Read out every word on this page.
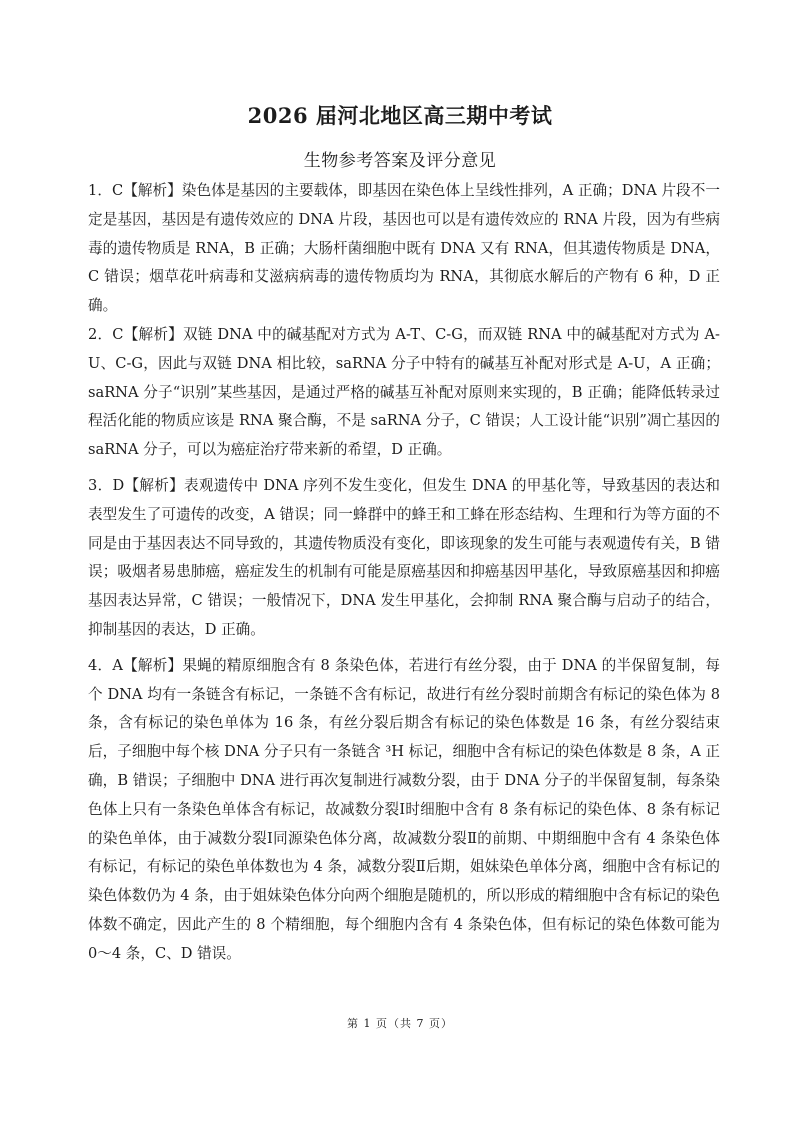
2026 届河北地区高三期中考试
生物参考答案及评分意见

1．C【解析】染色体是基因的主要载体，即基因在染色体上呈线性排列，A 正确；DNA 片段不一定是基因，基因是有遗传效应的 DNA 片段，基因也可以是有遗传效应的 RNA 片段，因为有些病毒的遗传物质是 RNA，B 正确；大肠杆菌细胞中既有 DNA 又有 RNA，但其遗传物质是 DNA，C 错误；烟草花叶病毒和艾滋病病毒的遗传物质均为 RNA，其彻底水解后的产物有 6 种，D 正确。

2．C【解析】双链 DNA 中的碱基配对方式为 A-T、C-G，而双链 RNA 中的碱基配对方式为 A-U、C-G，因此与双链 DNA 相比较，saRNA 分子中特有的碱基互补配对形式是 A-U，A 正确；saRNA 分子“识别”某些基因，是通过严格的碱基互补配对原则来实现的，B 正确；能降低转录过程活化能的物质应该是 RNA 聚合酶，不是 saRNA 分子，C 错误；人工设计能“识别”凋亡基因的 saRNA 分子，可以为癌症治疗带来新的希望，D 正确。

3．D【解析】表观遗传中 DNA 序列不发生变化，但发生 DNA 的甲基化等，导致基因的表达和表型发生了可遗传的改变，A 错误；同一蜂群中的蜂王和工蜂在形态结构、生理和行为等方面的不同是由于基因表达不同导致的，其遗传物质没有变化，即该现象的发生可能与表观遗传有关，B 错误；吸烟者易患肺癌，癌症发生的机制有可能是原癌基因和抑癌基因甲基化，导致原癌基因和抑癌基因表达异常，C 错误；一般情况下，DNA 发生甲基化，会抑制 RNA 聚合酶与启动子的结合，抑制基因的表达，D 正确。

4．A【解析】果蝇的精原细胞含有 8 条染色体，若进行有丝分裂，由于 DNA 的半保留复制，每个 DNA 均有一条链含有标记，一条链不含有标记，故进行有丝分裂时前期含有标记的染色体为 8 条，含有标记的染色单体为 16 条，有丝分裂后期含有标记的染色体数是 16 条，有丝分裂结束后，子细胞中每个核 DNA 分子只有一条链含 ³H 标记，细胞中含有标记的染色体数是 8 条，A 正确，B 错误；子细胞中 DNA 进行再次复制进行减数分裂，由于 DNA 分子的半保留复制，每条染色体上只有一条染色单体含有标记，故减数分裂Ⅰ时细胞中含有 8 条有标记的染色体、8 条有标记的染色单体，由于减数分裂Ⅰ同源染色体分离，故减数分裂Ⅱ的前期、中期细胞中含有 4 条染色体有标记，有标记的染色单体数也为 4 条，减数分裂Ⅱ后期，姐妹染色单体分离，细胞中含有标记的染色体数仍为 4 条，由于姐妹染色体分向两个细胞是随机的，所以形成的精细胞中含有标记的染色体数不确定，因此产生的 8 个精细胞，每个细胞内含有 4 条染色体，但有标记的染色体数可能为 0～4 条，C、D 错误。

第 1 页（共 7 页）
